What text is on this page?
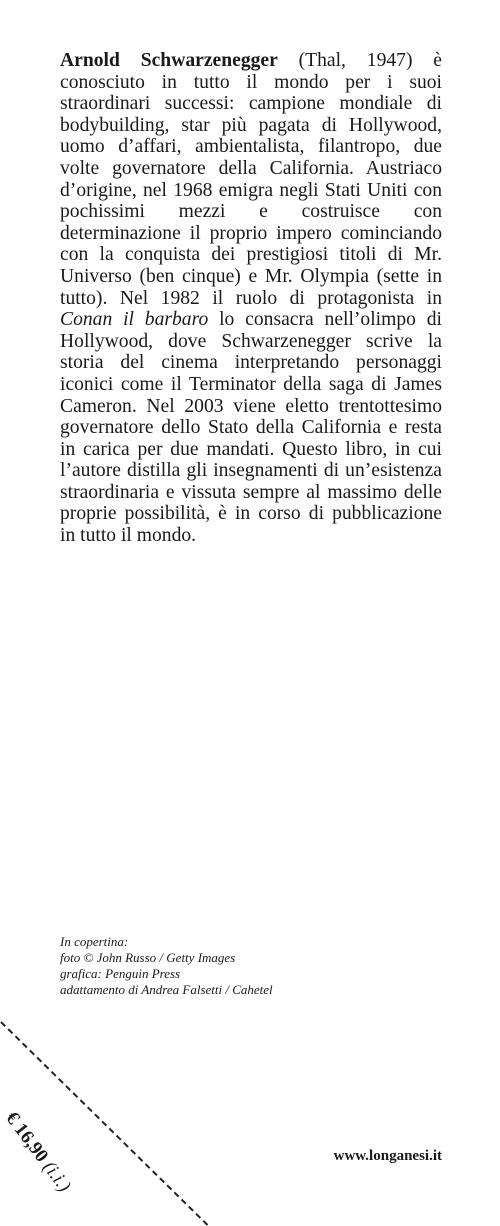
Arnold Schwarzenegger (Thal, 1947) è conosciuto in tutto il mondo per i suoi straordinari successi: campione mondiale di bodybuilding, star più pagata di Hollywood, uomo d’affari, ambientalista, filantropo, due volte governatore della California. Austriaco d’origine, nel 1968 emigra negli Stati Uniti con pochissimi mezzi e costruisce con determinazione il proprio impero cominciando con la conquista dei prestigiosi titoli di Mr. Universo (ben cinque) e Mr. Olympia (sette in tutto). Nel 1982 il ruolo di protagonista in Conan il barbaro lo consacra nell’olimpo di Hollywood, dove Schwarzenegger scrive la storia del cinema interpretando personaggi iconici come il Terminator della saga di James Cameron. Nel 2003 viene eletto trentottesimo governatore dello Stato della California e resta in carica per due mandati. Questo libro, in cui l’autore distilla gli insegnamenti di un’esistenza straordinaria e vissuta sempre al massimo delle proprie possibilità, è in corso di pubblicazione in tutto il mondo.

In copertina:
foto © John Russo / Getty Images
grafica: Penguin Press
adattamento di Andrea Falsetti / Cahetel
€ 16,90 (i.i.)
www.longanesi.it
